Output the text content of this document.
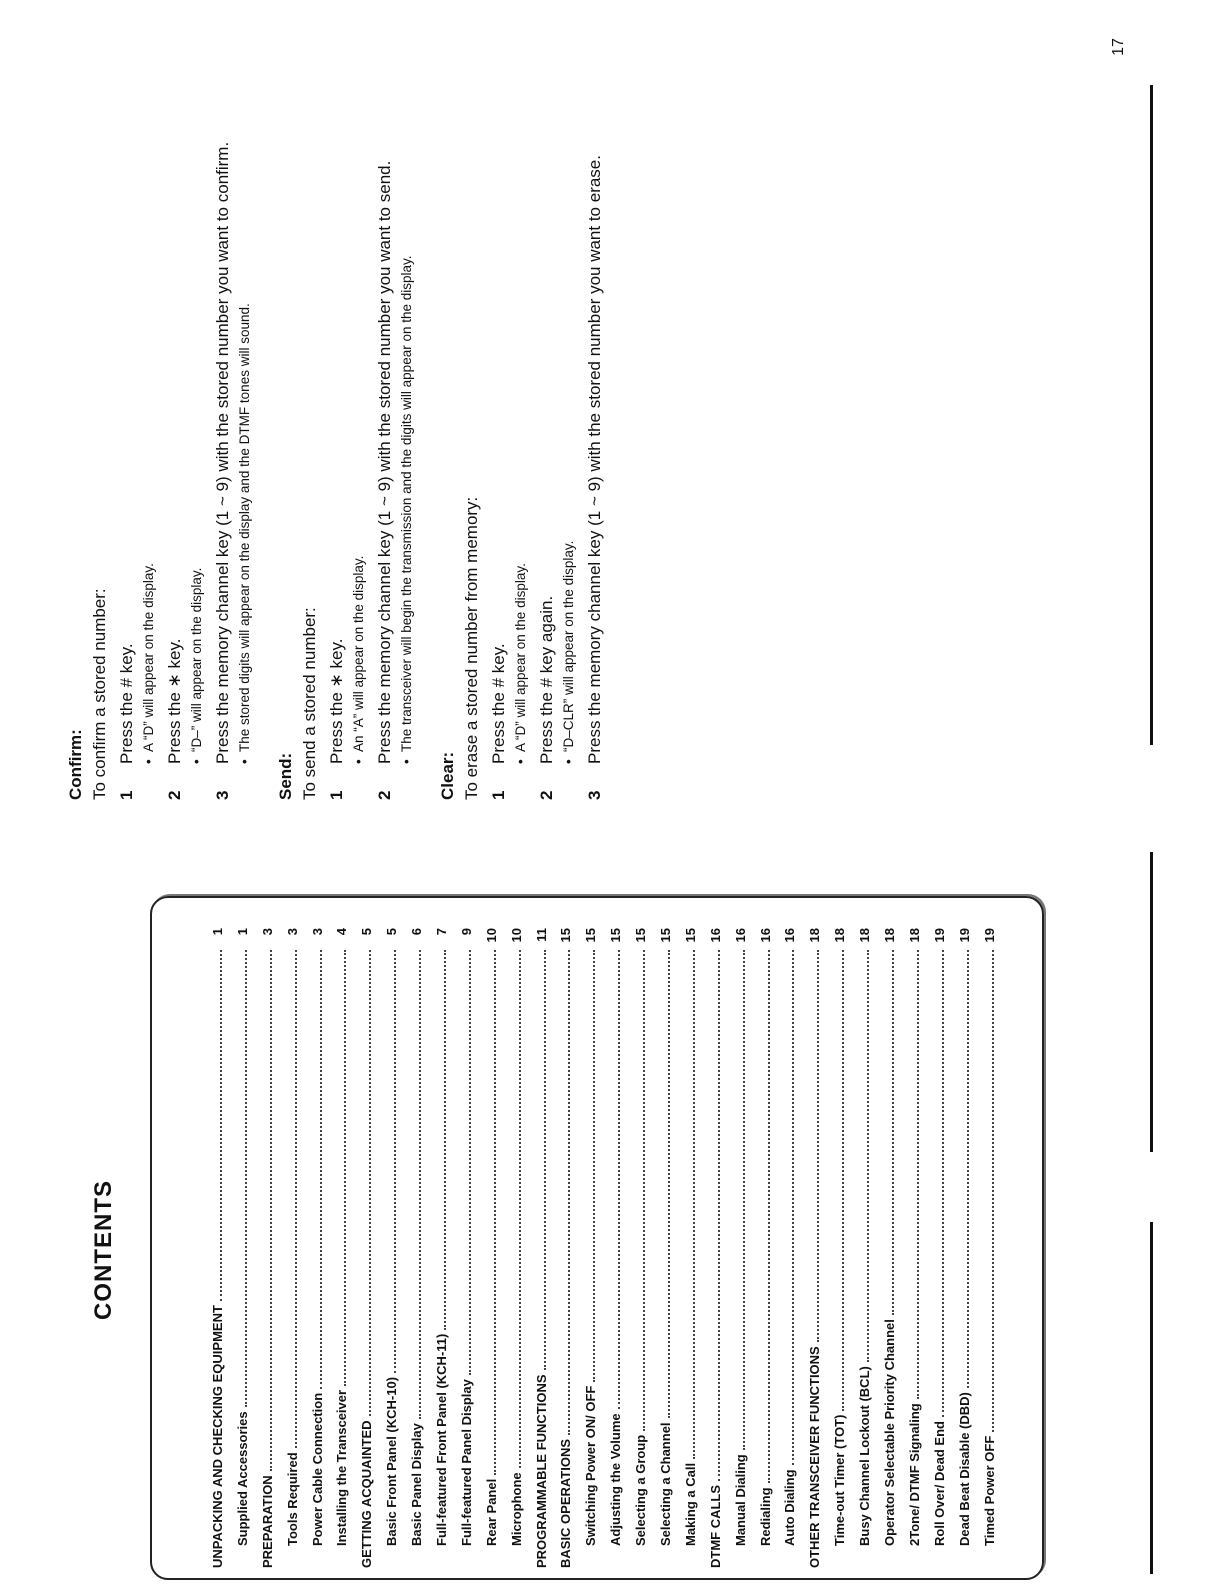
CONTENTS
UNPACKING AND CHECKING EQUIPMENT
1
Supplied Accessories
1
PREPARATION
3
Tools Required
3
Power Cable Connection
3
Installing the Transceiver
4
GETTING ACQUAINTED
5
Basic Front Panel (KCH-10)
5
Basic Panel Display
6
Full-featured Front Panel (KCH-11)
7
Full-featured Panel Display
9
Rear Panel
10
Microphone
10
PROGRAMMABLE FUNCTIONS
11
BASIC OPERATIONS
15
Switching Power ON/ OFF
15
Adjusting the Volume
15
Selecting a Group
15
Selecting a Channel
15
Making a Call
15
DTMF CALLS
16
Manual Dialing
16
Redialing
16
Auto Dialing
16
OTHER TRANSCEIVER FUNCTIONS
18
Time-out Timer (TOT)
18
Busy Channel Lockout (BCL)
18
Operator Selectable Priority Channel
18
2Tone/ DTMF Signaling
18
Roll Over/ Dead End
19
Dead Beat Disable (DBD)
19
Timed Power OFF
19
Confirm: To confirm a stored number: 1
Press the # key. • A “D” will appear on the display.
2
Press the ∗ key. • “D–” will appear on the display.
3
Press the memory channel key (1 ~ 9) with the stored number you want to confirm. • The stored digits will appear on the display and the DTMF tones will sound.
Send: To send a stored number: 1
Press the ∗ key. • An “A” will appear on the display.
2
Press the memory channel key (1 ~ 9) with the stored number you want to send. • The transceiver will begin the transmission and the digits will appear on the display.
Clear: To erase a stored number from memory: 1
Press the # key. • A “D” will appear on the display.
2
Press the # key again. • “D–CLR” will appear on the display.
3
Press the memory channel key (1 ~ 9) with the stored number you want to erase.
17
